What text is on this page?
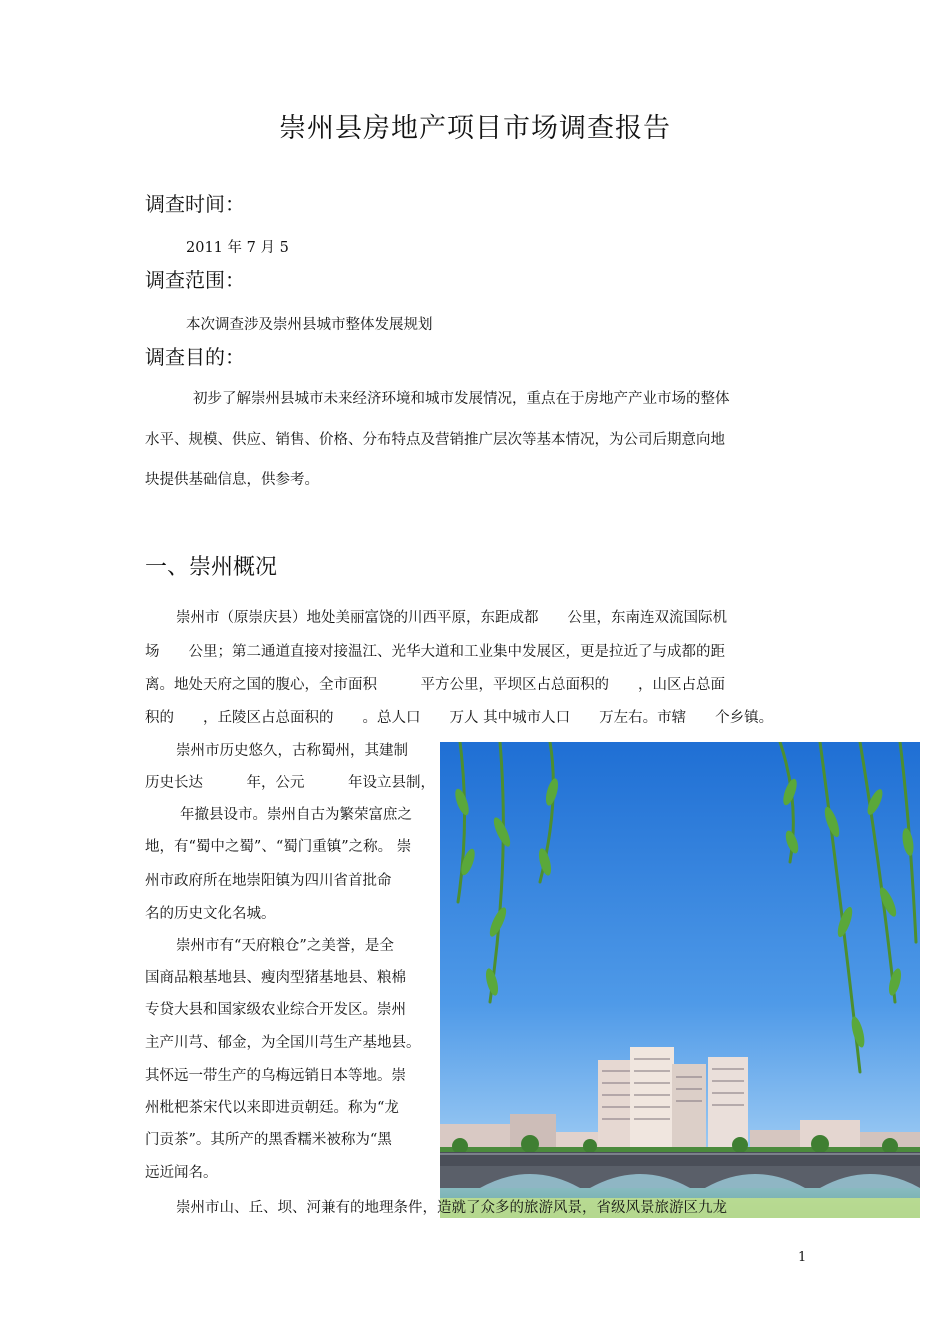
崇州县房地产项目市场调查报告
调查时间：
2011 年 7 月 5
调查范围：
本次调查涉及崇州县城市整体发展规划
调查目的：
初步了解崇州县城市未来经济环境和城市发展情况，重点在于房地产产业市场的整体
水平、规模、供应、销售、价格、分布特点及营销推广层次等基本情况，为公司后期意向地
块提供基础信息，供参考。
一、崇州概况
崇州市（原崇庆县）地处美丽富饶的川西平原，东距成都　　公里，东南连双流国际机
场　　公里；第二通道直接对接温江、光华大道和工业集中发展区，更是拉近了与成都的距
离。地处天府之国的腹心，全市面积　　　平方公里，平坝区占总面积的　　，山区占总面
积的　　，丘陵区占总面积的　　。总人口　　万人 其中城市人口　　万左右。市辖　　个乡镇。
崇州市历史悠久，古称蜀州，其建制
历史长达　　　年，公元　　　年设立县制，
年撤县设市。崇州自古为繁荣富庶之
地，有“蜀中之蜀”、“蜀门重镇”之称。 崇
州市政府所在地崇阳镇为四川省首批命
名的历史文化名城。
崇州市有“天府粮仓”之美誉，是全
国商品粮基地县、瘦肉型猪基地县、粮棉
专贷大县和国家级农业综合开发区。崇州
主产川芎、郁金，为全国川芎生产基地县。
其怀远一带生产的乌梅远销日本等地。崇
州枇杷茶宋代以来即进贡朝廷。称为“龙
门贡茶”。其所产的黑香糯米被称为“黑
远近闻名。
崇州市山、丘、坝、河兼有的地理条件，造就了众多的旅游风景，省级风景旅游区九龙
1
